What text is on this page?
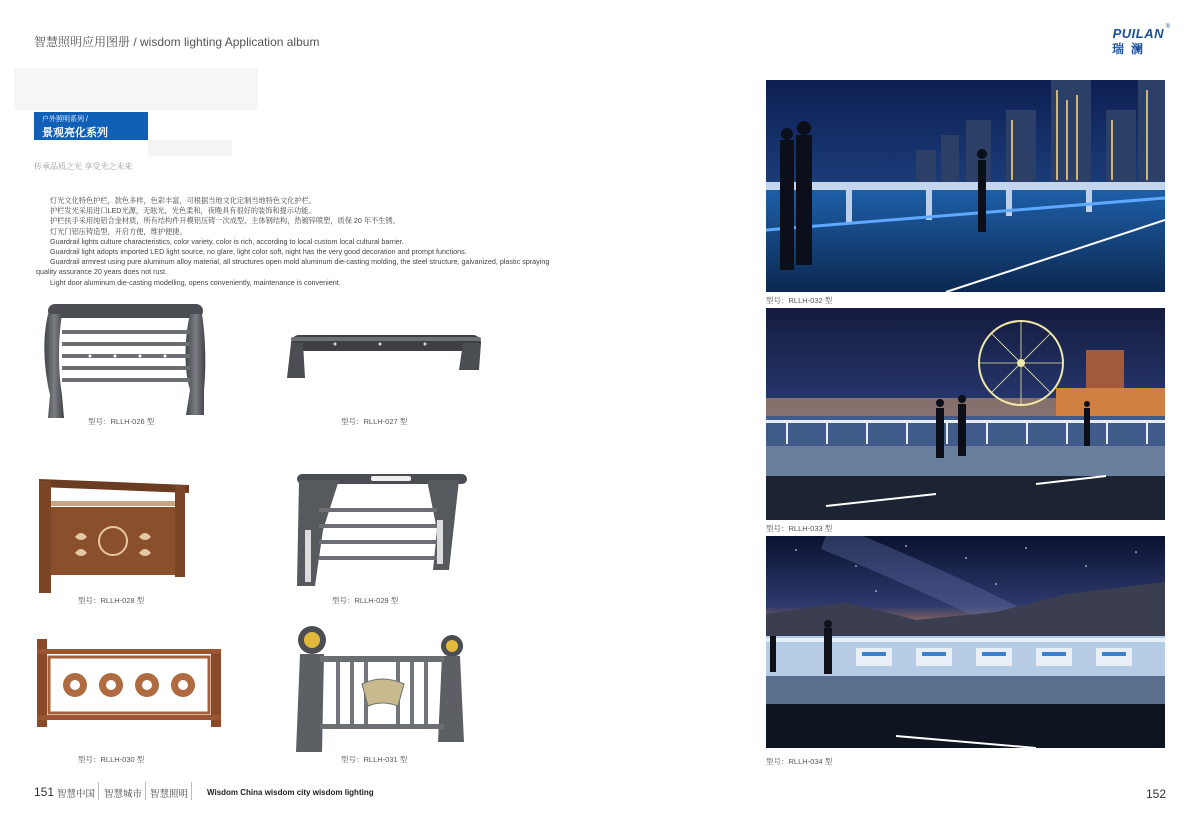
智慧照明应用图册 / wisdom lighting Application album
PUILAN
瑞澜
®
户外照明系列 /
景观亮化系列
传承品质之光 享受光之未来

灯光文化特色护栏，款色多样，色彩丰富，可根据当地文化定制当地特色文化护栏。

护栏发光采用进口LED光源，无眩光，光色柔和，夜晚具有很好的装饰和提示功能。

护栏扶手采用纯铝合金材质，所有结构件开模铝压铸一次成型，主体钢结构，热镀锌喷塑，质保 20 年不生锈。

灯光门铝压铸造型，开启方便，维护便捷。

Guardrail lights culture characteristics, color variety, color is rich, according to local custom local cultural barrier.

Guardrail light adopts imported LED light source, no glare, light color soft, night has the very good decoration and prompt functions.

Guardrail armrest using pure aluminum alloy material, all structures open mold aluminum die-casting molding, the steel structure, galvanized, plastic spraying quality assurance 20 years does not rust.

Light door aluminum die-casting modelling, opens conveniently, maintenance is convenient.

型号：RLLH-026 型	型号：RLLH-027 型
型号：RLLH-028 型	型号：RLLH-029 型
型号：RLLH-030 型	型号：RLLH-031 型
型号：RLLH-032 型
型号：RLLH-033 型
型号：RLLH-034 型
151 智慧中国 智慧城市 智慧照明 Wisdom China wisdom city wisdom lighting	152
